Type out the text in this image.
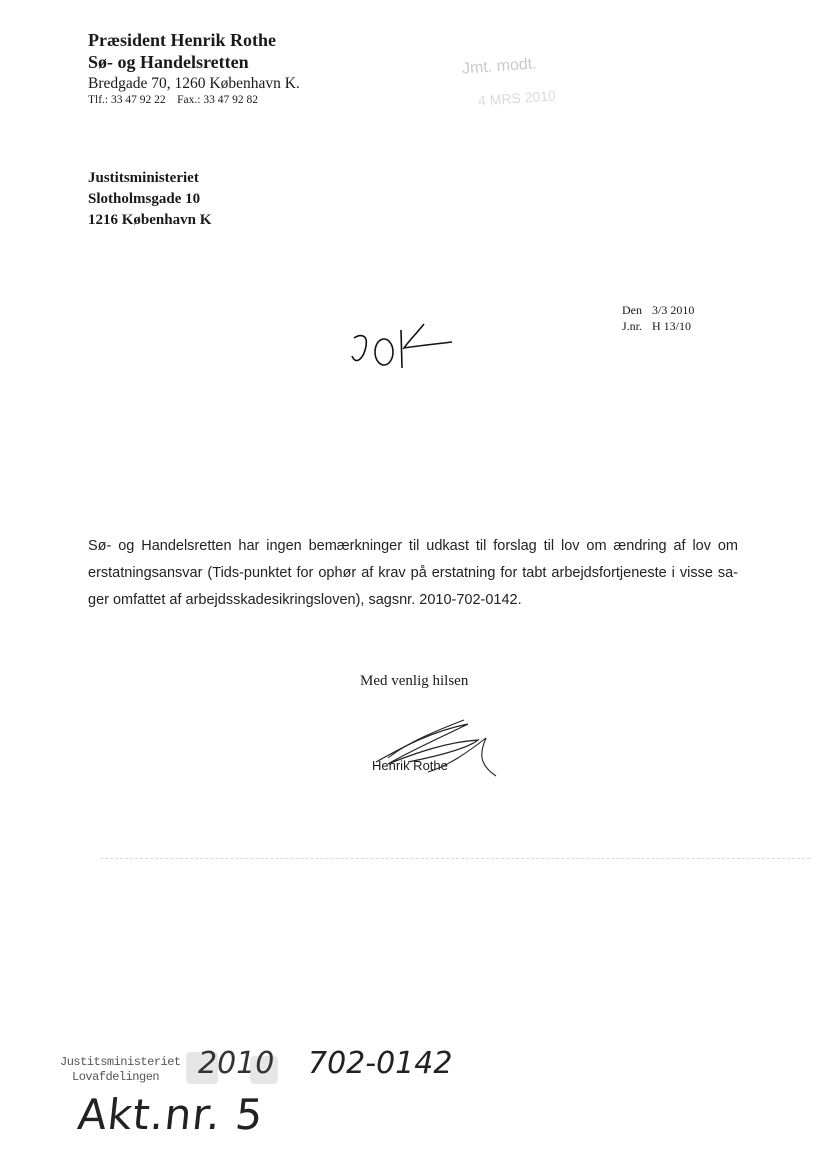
Præsident Henrik Rothe
Sø- og Handelsretten
Bredgade 70, 1260 København K.
Tlf.: 33 47 92 22 Fax.: 33 47 92 82
Jmt. modt.
4 MRS 2010
Justitsministeriet
Slotholmsgade 10
1216 København K
Den 3/3 2010
J.nr. H 13/10
Sø- og Handelsretten har ingen bemærkninger til udkast til forslag til lov om ændring af lov om erstatningsansvar (Tids-punktet for ophør af krav på erstatning for tabt arbejdsfortjeneste i visse sa-ger omfattet af arbejdsskadesikringsloven), sagsnr. 2010-702-0142.
Med venlig hilsen
Henrik Rothe
Justitsministeriet
Lovafdelingen 2010 702-0142
Akt.nr. 5
